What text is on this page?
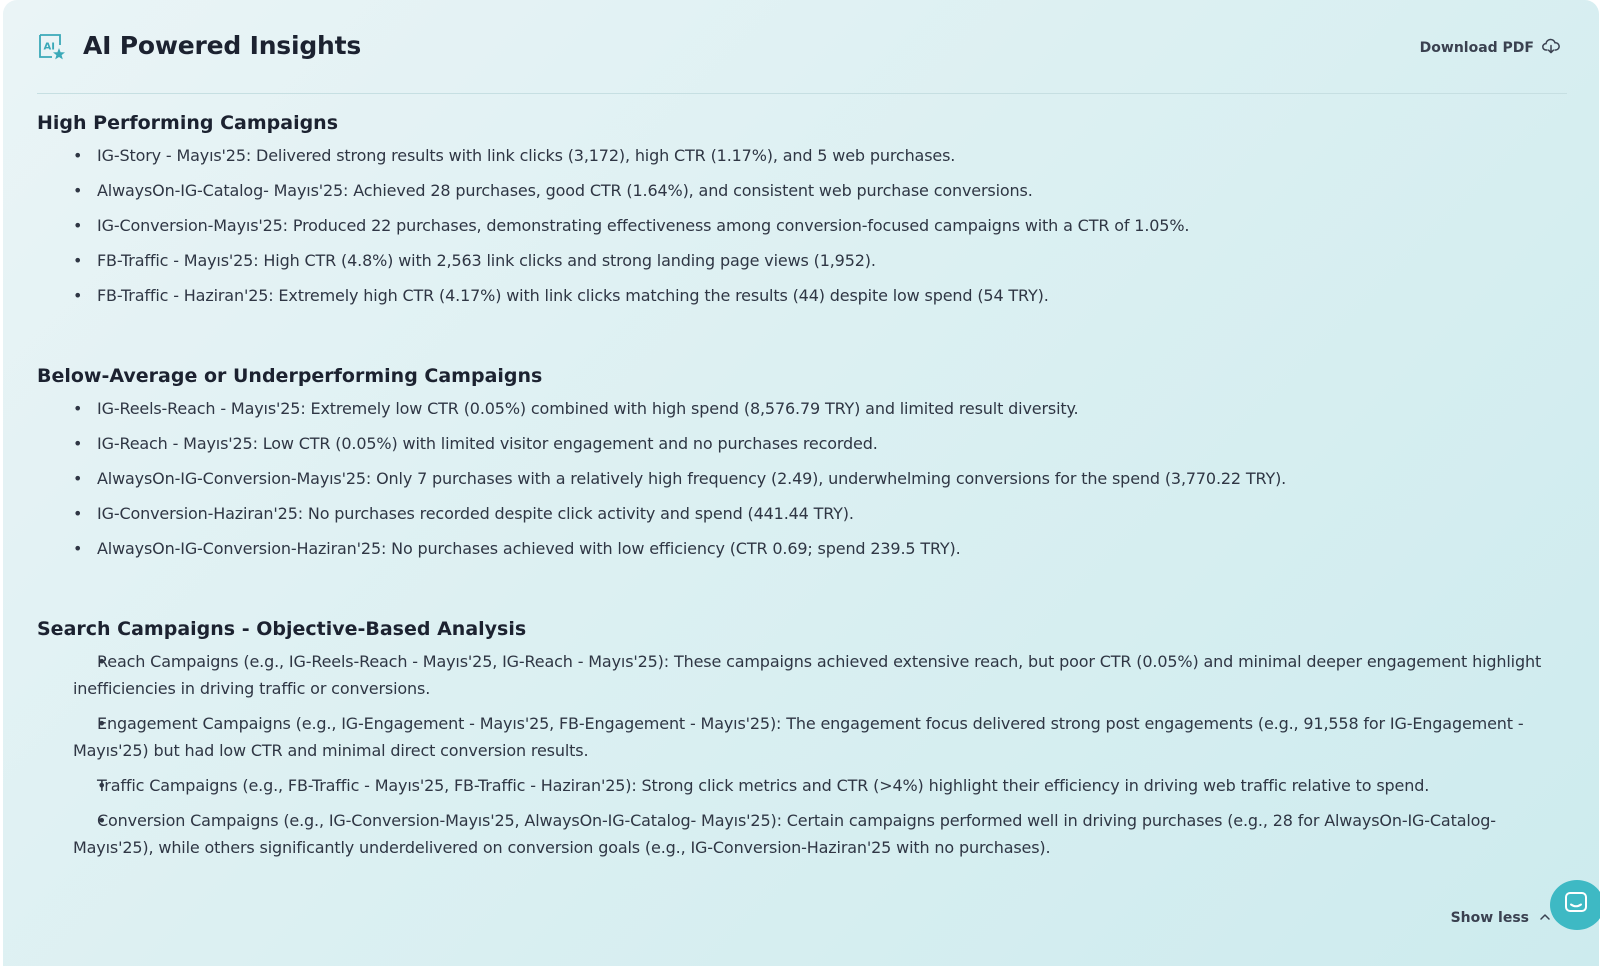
AI AI Powered Insights	Download PDF
High Performing Campaigns
• IG-Story - Mayıs'25: Delivered strong results with link clicks (3,172), high CTR (1.17%), and 5 web purchases.
• AlwaysOn-IG-Catalog- Mayıs'25: Achieved 28 purchases, good CTR (1.64%), and consistent web purchase conversions.
• IG-Conversion-Mayıs'25: Produced 22 purchases, demonstrating effectiveness among conversion-focused campaigns with a CTR of 1.05%.
• FB-Traffic - Mayıs'25: High CTR (4.8%) with 2,563 link clicks and strong landing page views (1,952).
• FB-Traffic - Haziran'25: Extremely high CTR (4.17%) with link clicks matching the results (44) despite low spend (54 TRY).
Below-Average or Underperforming Campaigns
• IG-Reels-Reach - Mayıs'25: Extremely low CTR (0.05%) combined with high spend (8,576.79 TRY) and limited result diversity.
• IG-Reach - Mayıs'25: Low CTR (0.05%) with limited visitor engagement and no purchases recorded.
• AlwaysOn-IG-Conversion-Mayıs'25: Only 7 purchases with a relatively high frequency (2.49), underwhelming conversions for the spend (3,770.22 TRY).
• IG-Conversion-Haziran'25: No purchases recorded despite click activity and spend (441.44 TRY).
• AlwaysOn-IG-Conversion-Haziran'25: No purchases achieved with low efficiency (CTR 0.69; spend 239.5 TRY).
Search Campaigns - Objective-Based Analysis
• Reach Campaigns (e.g., IG-Reels-Reach - Mayıs'25, IG-Reach - Mayıs'25): These campaigns achieved extensive reach, but poor CTR (0.05%) and minimal deeper engagement highlight inefficiencies in driving traffic or conversions.
• Engagement Campaigns (e.g., IG-Engagement - Mayıs'25, FB-Engagement - Mayıs'25): The engagement focus delivered strong post engagements (e.g., 91,558 for IG-Engagement - Mayıs'25) but had low CTR and minimal direct conversion results.
• Traffic Campaigns (e.g., FB-Traffic - Mayıs'25, FB-Traffic - Haziran'25): Strong click metrics and CTR (>4%) highlight their efficiency in driving web traffic relative to spend.
• Conversion Campaigns (e.g., IG-Conversion-Mayıs'25, AlwaysOn-IG-Catalog- Mayıs'25): Certain campaigns performed well in driving purchases (e.g., 28 for AlwaysOn-IG-Catalog- Mayıs'25), while others significantly underdelivered on conversion goals (e.g., IG-Conversion-Haziran'25 with no purchases).
Show less
